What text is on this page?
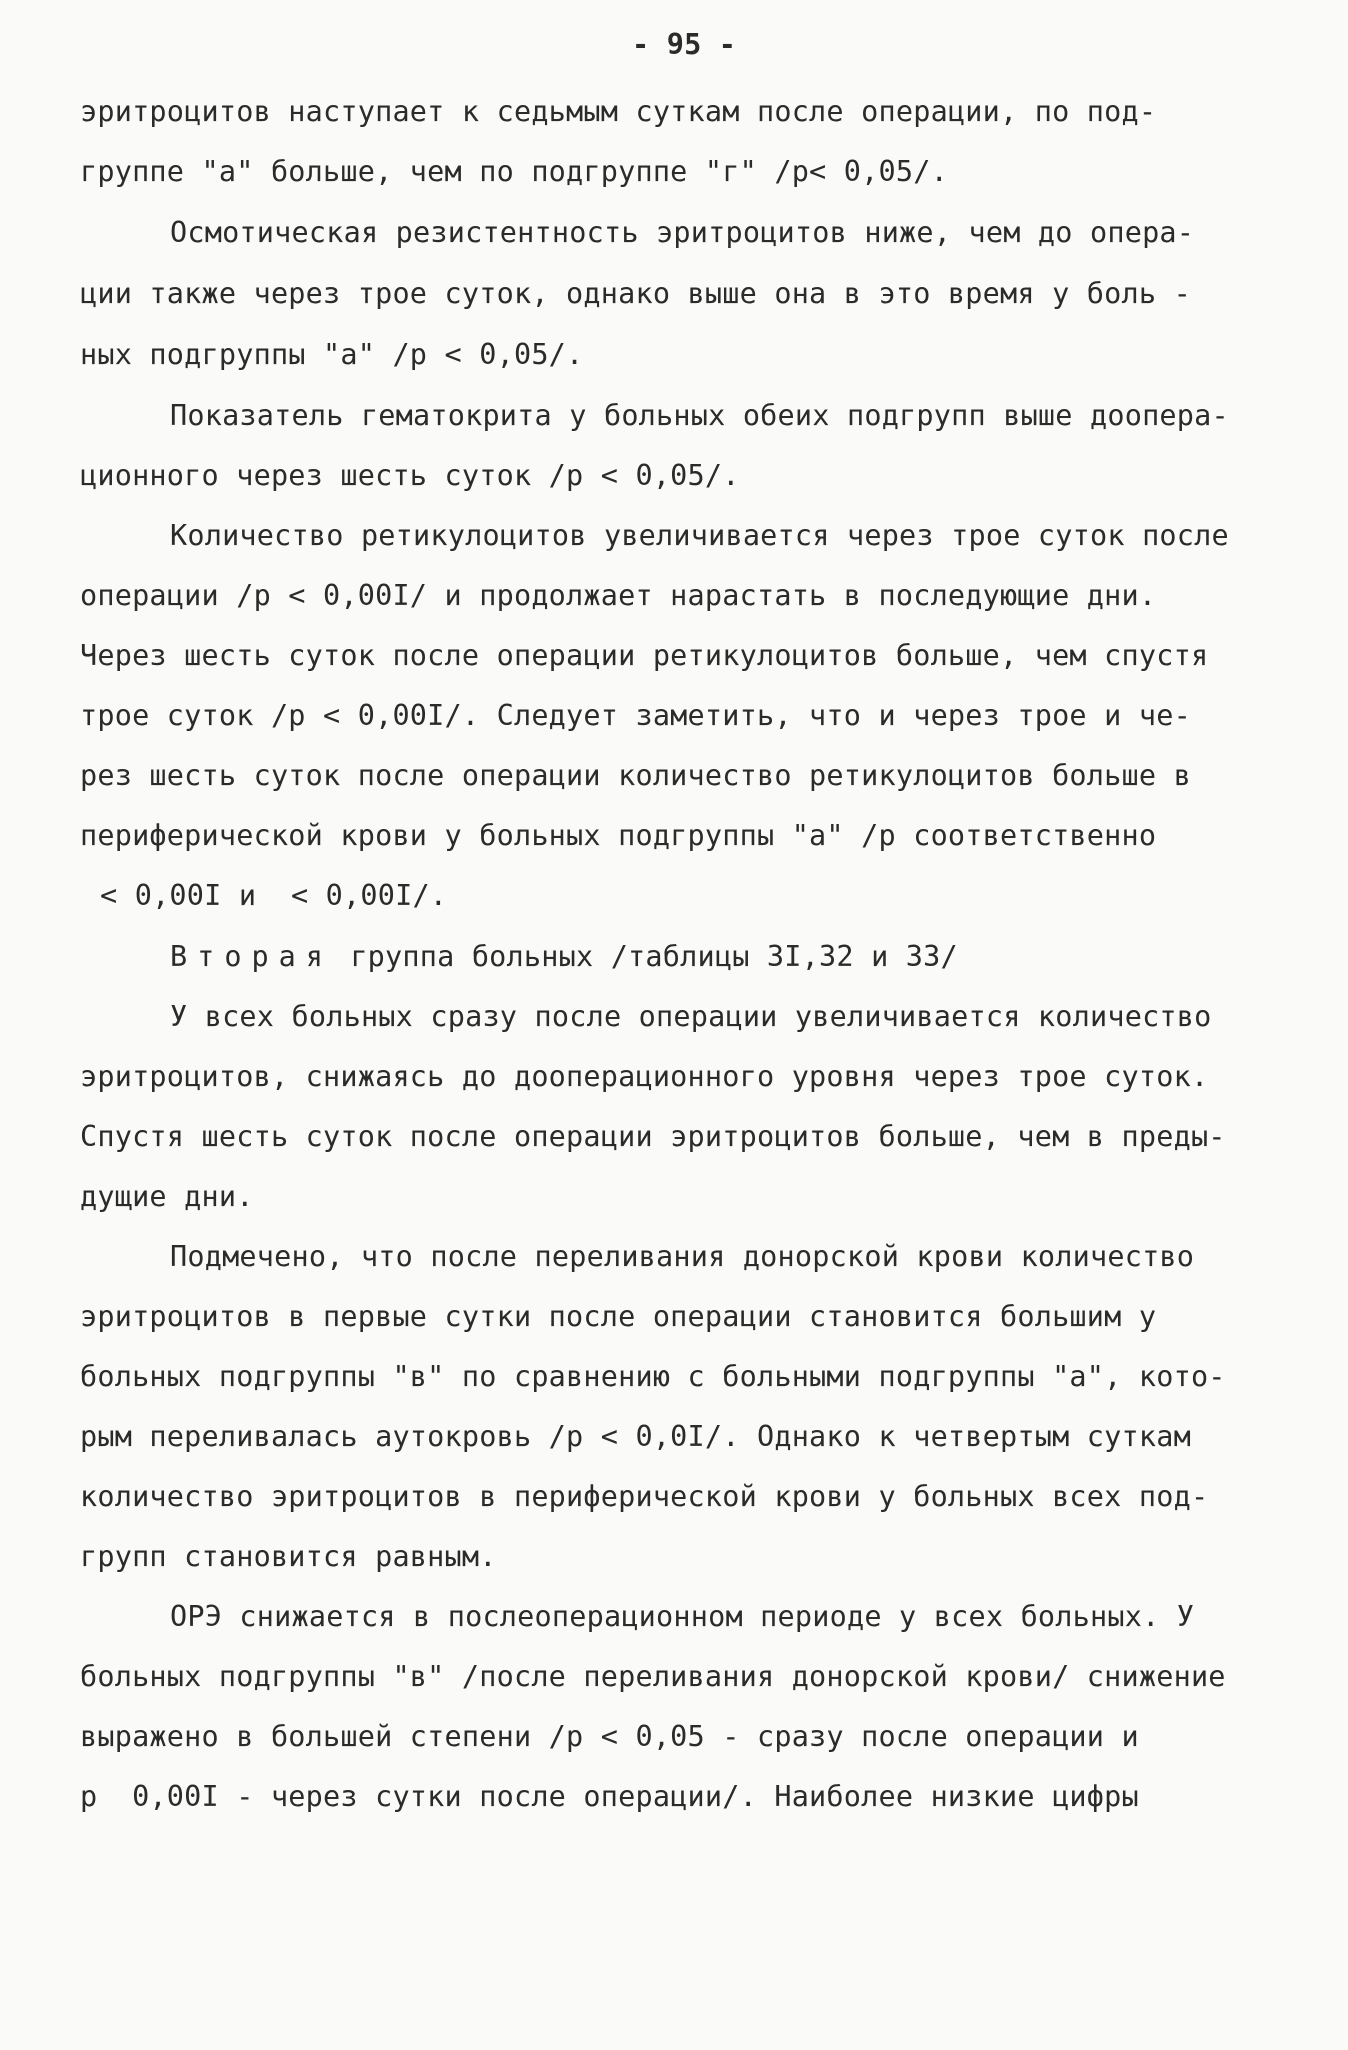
- 95 -
эритроцитов наступает к седьмым суткам после операции, по под-
группе "а" больше, чем по подгруппе "г" /р< 0,05/.
Осмотическая резистентность эритроцитов ниже, чем до опера-
ции также через трое суток, однако выше она в это время у боль -
ных подгруппы "а" /р < 0,05/.
Показатель гематокрита у больных обеих подгрупп выше доопера-
ционного через шесть суток /р < 0,05/.
Количество ретикулоцитов увеличивается через трое суток после
операции /р < 0,00I/ и продолжает нарастать в последующие дни.
Через шесть суток после операции ретикулоцитов больше, чем спустя
трое суток /р < 0,00I/. Следует заметить, что и через трое и че-
рез шесть суток после операции количество ретикулоцитов больше в
периферической крови у больных подгруппы "а" /р соответственно
< 0,00I и  < 0,00I/.
Вторая группа больных /таблицы 3I,32 и 33/
У всех больных сразу после операции увеличивается количество
эритроцитов, снижаясь до дооперационного уровня через трое суток.
Спустя шесть суток после операции эритроцитов больше, чем в преды-
дущие дни.
Подмечено, что после переливания донорской крови количество
эритроцитов в первые сутки после операции становится большим у
больных подгруппы "в" по сравнению с больными подгруппы "а", кото-
рым переливалась аутокровь /р < 0,0I/. Однако к четвертым суткам
количество эритроцитов в периферической крови у больных всех под-
групп становится равным.
ОРЭ снижается в послеоперационном периоде у всех больных. У
больных подгруппы "в" /после переливания донорской крови/ снижение
выражено в большей степени /р < 0,05 - сразу после операции и
р  0,00I - через сутки после операции/. Наиболее низкие цифры
